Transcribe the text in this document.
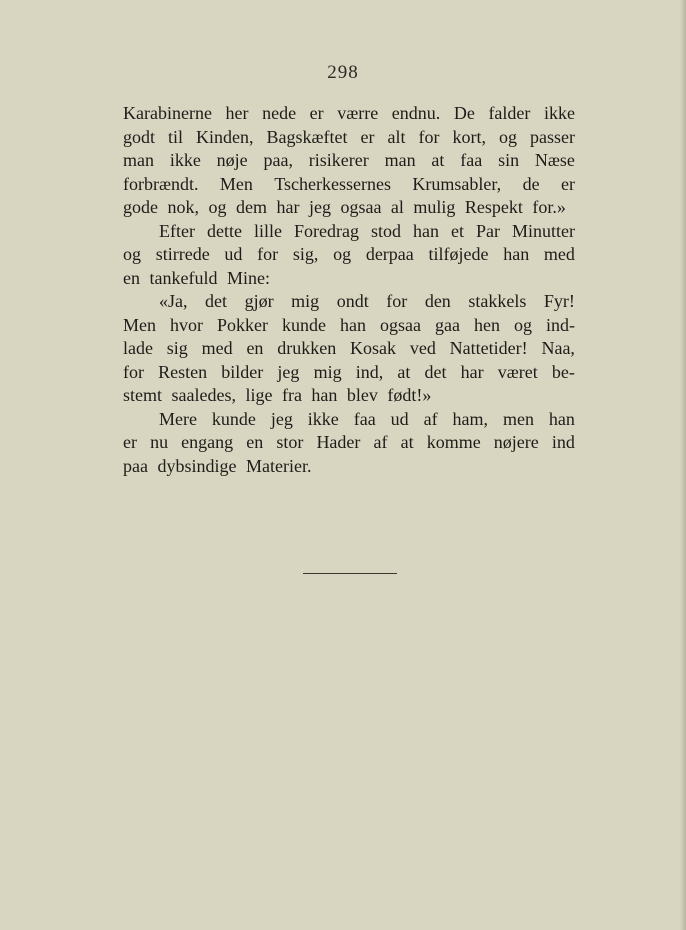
298
Karabinerne her nede er værre endnu. De falder ikke
godt til Kinden, Bagskæftet er alt for kort, og passer
man ikke nøje paa, risikerer man at faa sin Næse
forbrændt. Men Tscherkessernes Krumsabler, de er
gode nok, og dem har jeg ogsaa al mulig Respekt for.»
Efter dette lille Foredrag stod han et Par Minutter
og stirrede ud for sig, og derpaa tilføjede han med
en tankefuld Mine:
«Ja, det gjør mig ondt for den stakkels Fyr!
Men hvor Pokker kunde han ogsaa gaa hen og ind-
lade sig med en drukken Kosak ved Nattetider! Naa,
for Resten bilder jeg mig ind, at det har været be-
stemt saaledes, lige fra han blev født!»
Mere kunde jeg ikke faa ud af ham, men han
er nu engang en stor Hader af at komme nøjere ind
paa dybsindige Materier.
